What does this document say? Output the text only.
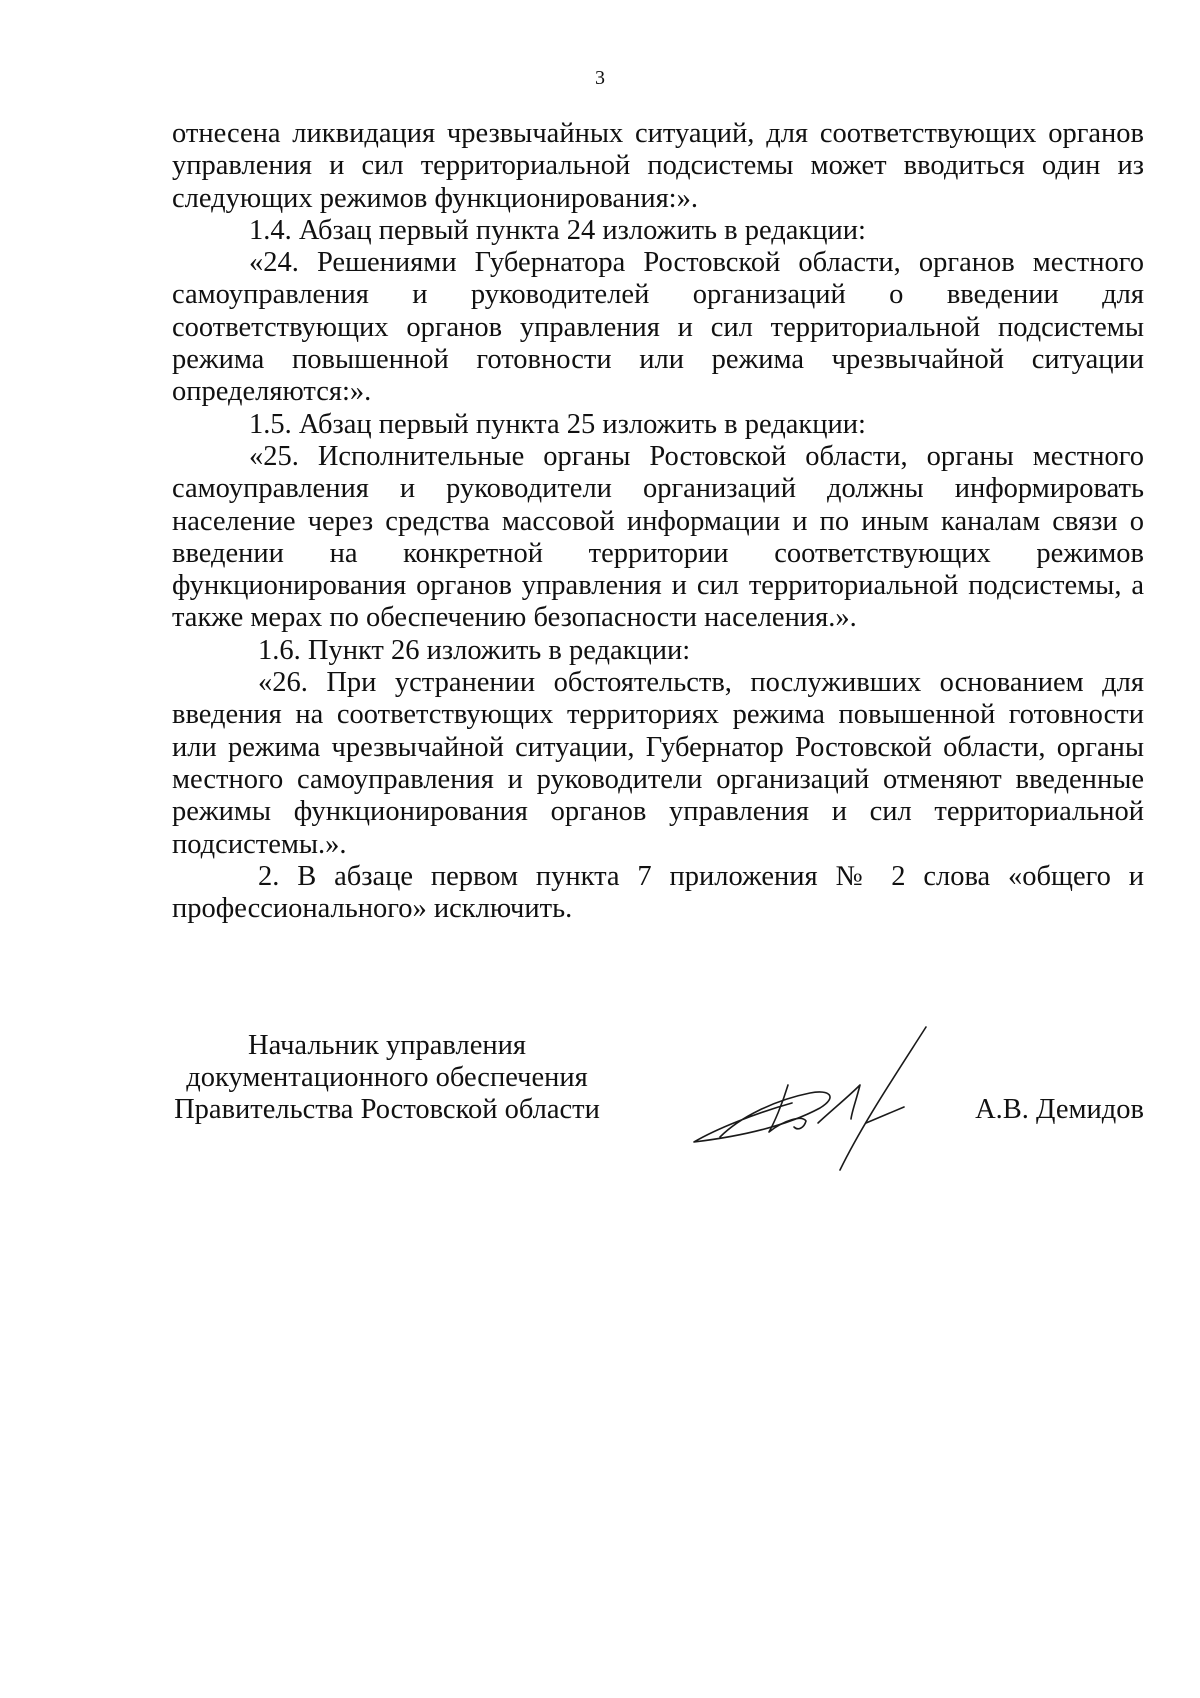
3

отнесена ликвидация чрезвычайных ситуаций, для соответствующих органов управления и сил территориальной подсистемы может вводиться один из следующих режимов функционирования:».

1.4. Абзац первый пункта 24 изложить в редакции:

«24. Решениями Губернатора Ростовской области, органов местного самоуправления и руководителей организаций о введении для соответствующих органов управления и сил территориальной подсистемы режима повышенной готовности или режима чрезвычайной ситуации определяются:».

1.5. Абзац первый пункта 25 изложить в редакции:

«25. Исполнительные органы Ростовской области, органы местного самоуправления и руководители организаций должны информировать население через средства массовой информации и по иным каналам связи о введении на конкретной территории соответствующих режимов функционирования органов управления и сил территориальной подсистемы, а также мерах по обеспечению безопасности населения.».

1.6. Пункт 26 изложить в редакции:

«26. При устранении обстоятельств, послуживших основанием для введения на соответствующих территориях режима повышенной готовности или режима чрезвычайной ситуации, Губернатор Ростовской области, органы местного самоуправления и руководители организаций отменяют введенные режимы функционирования органов управления и сил территориальной подсистемы.».

2. В абзаце первом пункта 7 приложения № 2 слова «общего и профессионального» исключить.

Начальник управления
документационного обеспечения
Правительства Ростовской области	А.В. Демидов
